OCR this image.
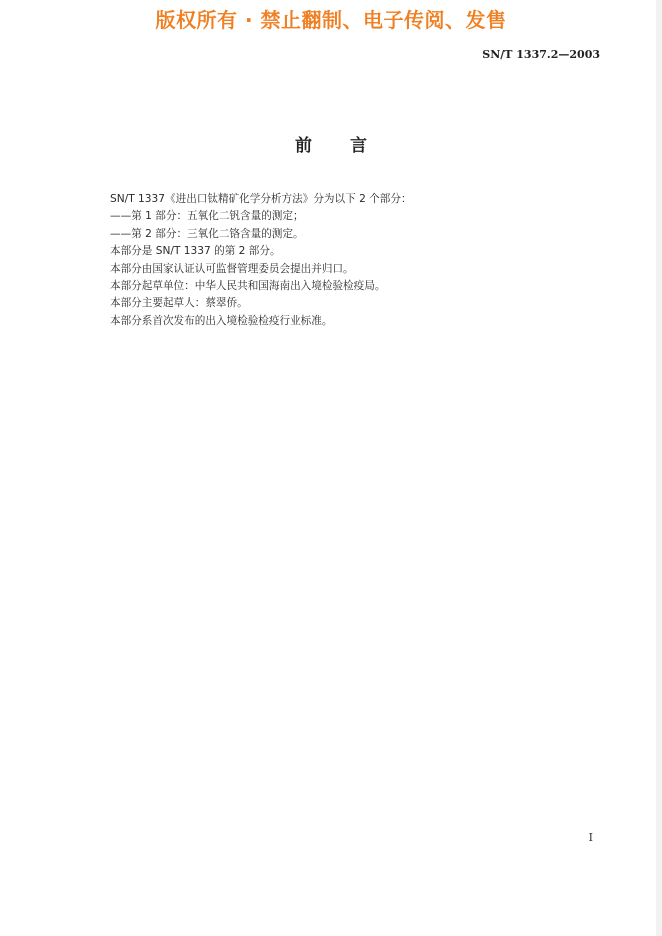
版权所有 · 禁止翻制、电子传阅、发售
SN/T 1337.2—2003
前 言
SN/T 1337《进出口钛精矿化学分析方法》分为以下 2 个部分：
——第 1 部分：五氧化二钒含量的测定；
——第 2 部分：三氧化二铬含量的测定。
本部分是 SN/T 1337 的第 2 部分。
本部分由国家认证认可监督管理委员会提出并归口。
本部分起草单位：中华人民共和国海南出入境检验检疫局。
本部分主要起草人：蔡翠侨。
本部分系首次发布的出入境检验检疫行业标准。
I
